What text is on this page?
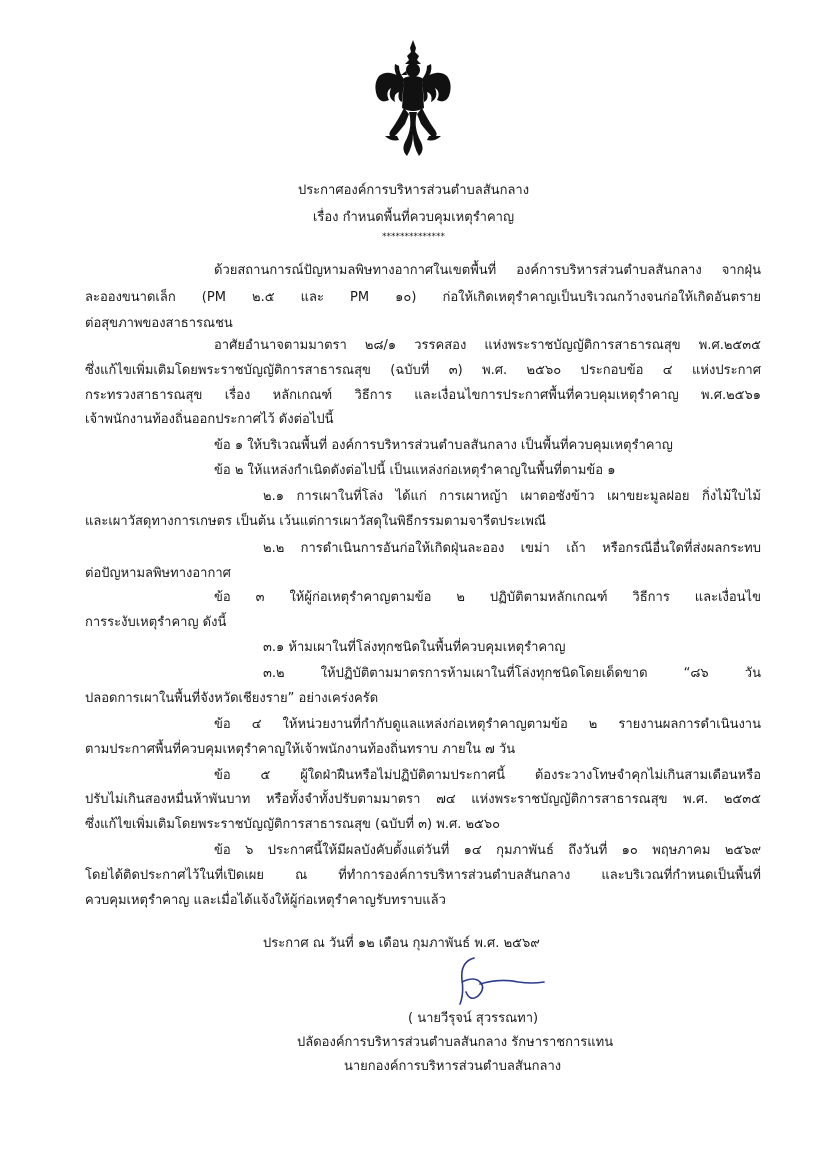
ประกาศองค์การบริหารส่วนตำบลสันกลาง
เรื่อง กำหนดพื้นที่ควบคุมเหตุรำคาญ
**************
ด้วยสถานการณ์ปัญหามลพิษทางอากาศในเขตพื้นที่ องค์การบริหารส่วนตำบลสันกลาง จากฝุ่น
ละอองขนาดเล็ก (PM ๒.๕ และ PM ๑๐) ก่อให้เกิดเหตุรำคาญเป็นบริเวณกว้างจนก่อให้เกิดอันตราย
ต่อสุขภาพของสาธารณชน
อาศัยอำนาจตามมาตรา ๒๘/๑ วรรคสอง แห่งพระราชบัญญัติการสาธารณสุข พ.ศ.๒๕๓๕
ซึ่งแก้ไขเพิ่มเติมโดยพระราชบัญญัติการสาธารณสุข (ฉบับที่ ๓) พ.ศ. ๒๕๖๐ ประกอบข้อ ๔ แห่งประกาศ
กระทรวงสาธารณสุข เรื่อง หลักเกณฑ์ วิธีการ และเงื่อนไขการประกาศพื้นที่ควบคุมเหตุรำคาญ พ.ศ.๒๕๖๑
เจ้าพนักงานท้องถิ่นออกประกาศไว้ ดังต่อไปนี้
ข้อ ๑ ให้บริเวณพื้นที่ องค์การบริหารส่วนตำบลสันกลาง เป็นพื้นที่ควบคุมเหตุรำคาญ
ข้อ ๒ ให้แหล่งกำเนิดดังต่อไปนี้ เป็นแหล่งก่อเหตุรำคาญในพื้นที่ตามข้อ ๑
๒.๑ การเผาในที่โล่ง ได้แก่ การเผาหญ้า เผาตอซังข้าว เผาขยะมูลฝอย กิ่งไม้ใบไม้
และเผาวัสดุทางการเกษตร เป็นต้น เว้นแต่การเผาวัสดุในพิธีกรรมตามจารีตประเพณี
๒.๒ การดำเนินการอันก่อให้เกิดฝุ่นละออง เขม่า เถ้า หรือกรณีอื่นใดที่ส่งผลกระทบ
ต่อปัญหามลพิษทางอากาศ
ข้อ ๓ ให้ผู้ก่อเหตุรำคาญตามข้อ ๒ ปฏิบัติตามหลักเกณฑ์ วิธีการ และเงื่อนไข
การระงับเหตุรำคาญ ดังนี้
๓.๑ ห้ามเผาในที่โล่งทุกชนิดในพื้นที่ควบคุมเหตุรำคาญ
๓.๒ ให้ปฏิบัติตามมาตรการห้ามเผาในที่โล่งทุกชนิดโดยเด็ดขาด “๘๖ วัน
ปลอดการเผาในพื้นที่จังหวัดเชียงราย” อย่างเคร่งครัด
ข้อ ๔ ให้หน่วยงานที่กำกับดูแลแหล่งก่อเหตุรำคาญตามข้อ ๒ รายงานผลการดำเนินงาน
ตามประกาศพื้นที่ควบคุมเหตุรำคาญให้เจ้าพนักงานท้องถิ่นทราบ ภายใน ๗ วัน
ข้อ ๕ ผู้ใดฝ่าฝืนหรือไม่ปฏิบัติตามประกาศนี้ ต้องระวางโทษจำคุกไม่เกินสามเดือนหรือ
ปรับไม่เกินสองหมื่นห้าพันบาท หรือทั้งจำทั้งปรับตามมาตรา ๗๔ แห่งพระราชบัญญัติการสาธารณสุข พ.ศ. ๒๕๓๕
ซึ่งแก้ไขเพิ่มเติมโดยพระราชบัญญัติการสาธารณสุข (ฉบับที่ ๓) พ.ศ. ๒๕๖๐
ข้อ ๖ ประกาศนี้ให้มีผลบังคับตั้งแต่วันที่ ๑๔ กุมภาพันธ์ ถึงวันที่ ๑๐ พฤษภาคม ๒๕๖๙
โดยได้ติดประกาศไว้ในที่เปิดเผย ณ ที่ทำการองค์การบริหารส่วนตำบลสันกลาง และบริเวณที่กำหนดเป็นพื้นที่
ควบคุมเหตุรำคาญ และเมื่อได้แจ้งให้ผู้ก่อเหตุรำคาญรับทราบแล้ว
ประกาศ ณ วันที่ ๑๒ เดือน กุมภาพันธ์ พ.ศ. ๒๕๖๙
( นายวีรุจน์ สุวรรณทา)
ปลัดองค์การบริหารส่วนตำบลสันกลาง รักษาราชการแทน
นายกองค์การบริหารส่วนตำบลสันกลาง
